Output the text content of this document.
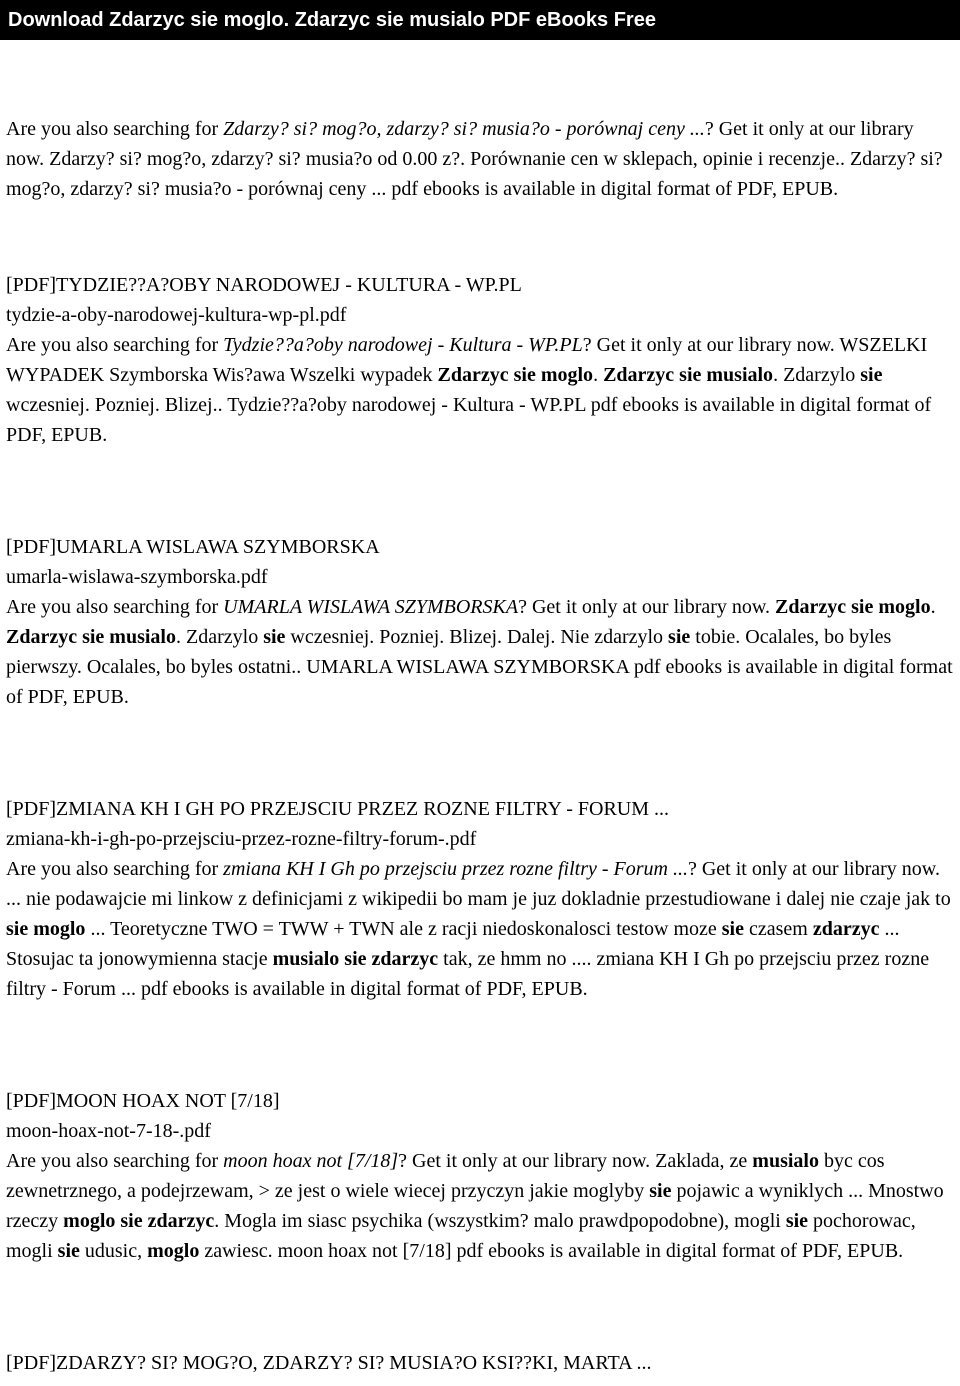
Download Zdarzyc sie moglo. Zdarzyc sie musialo PDF eBooks Free

Are you also searching for Zdarzy? si? mog?o, zdarzy? si? musia?o - porównaj ceny ...? Get it only at our library now. Zdarzy? si? mog?o, zdarzy? si? musia?o od 0.00 z?. Porównanie cen w sklepach, opinie i recenzje.. Zdarzy? si? mog?o, zdarzy? si? musia?o - porównaj ceny ... pdf ebooks is available in digital format of PDF, EPUB.

[PDF]TYDZIE??A?OBY NARODOWEJ - KULTURA - WP.PL
tydzie-a-oby-narodowej-kultura-wp-pl.pdf

Are you also searching for Tydzie??a?oby narodowej - Kultura - WP.PL? Get it only at our library now. WSZELKI WYPADEK Szymborska Wis?awa Wszelki wypadek Zdarzyc sie moglo. Zdarzyc sie musialo. Zdarzylo sie wczesniej. Pozniej. Blizej.. Tydzie??a?oby narodowej - Kultura - WP.PL pdf ebooks is available in digital format of PDF, EPUB.

[PDF]UMARLA WISLAWA SZYMBORSKA
umarla-wislawa-szymborska.pdf

Are you also searching for UMARLA WISLAWA SZYMBORSKA? Get it only at our library now. Zdarzyc sie moglo. Zdarzyc sie musialo. Zdarzylo sie wczesniej. Pozniej. Blizej. Dalej. Nie zdarzylo sie tobie. Ocalales, bo byles pierwszy. Ocalales, bo byles ostatni.. UMARLA WISLAWA SZYMBORSKA pdf ebooks is available in digital format of PDF, EPUB.

[PDF]ZMIANA KH I GH PO PRZEJSCIU PRZEZ ROZNE FILTRY - FORUM ...
zmiana-kh-i-gh-po-przejsciu-przez-rozne-filtry-forum-.pdf

Are you also searching for zmiana KH I Gh po przejsciu przez rozne filtry - Forum ...? Get it only at our library now. ... nie podawajcie mi linkow z definicjami z wikipedii bo mam je juz dokladnie przestudiowane i dalej nie czaje jak to sie moglo ... Teoretyczne TWO = TWW + TWN ale z racji niedoskonalosci testow moze sie czasem zdarzyc ... Stosujac ta jonowymienna stacje musialo sie zdarzyc tak, ze hmm no .... zmiana KH I Gh po przejsciu przez rozne filtry - Forum ... pdf ebooks is available in digital format of PDF, EPUB.

[PDF]MOON HOAX NOT [7/18]
moon-hoax-not-7-18-.pdf

Are you also searching for moon hoax not [7/18]? Get it only at our library now. Zaklada, ze musialo byc cos zewnetrznego, a podejrzewam, > ze jest o wiele wiecej przyczyn jakie moglyby sie pojawic a wyniklych ... Mnostwo rzeczy moglo sie zdarzyc. Mogla im siasc psychika (wszystkim? malo prawdpopodobne), mogli sie pochorowac, mogli sie udusic, moglo zawiesc. moon hoax not [7/18] pdf ebooks is available in digital format of PDF, EPUB.

[PDF]ZDARZY? SI? MOG?O, ZDARZY? SI? MUSIA?O KSI??KI, MARTA ...
